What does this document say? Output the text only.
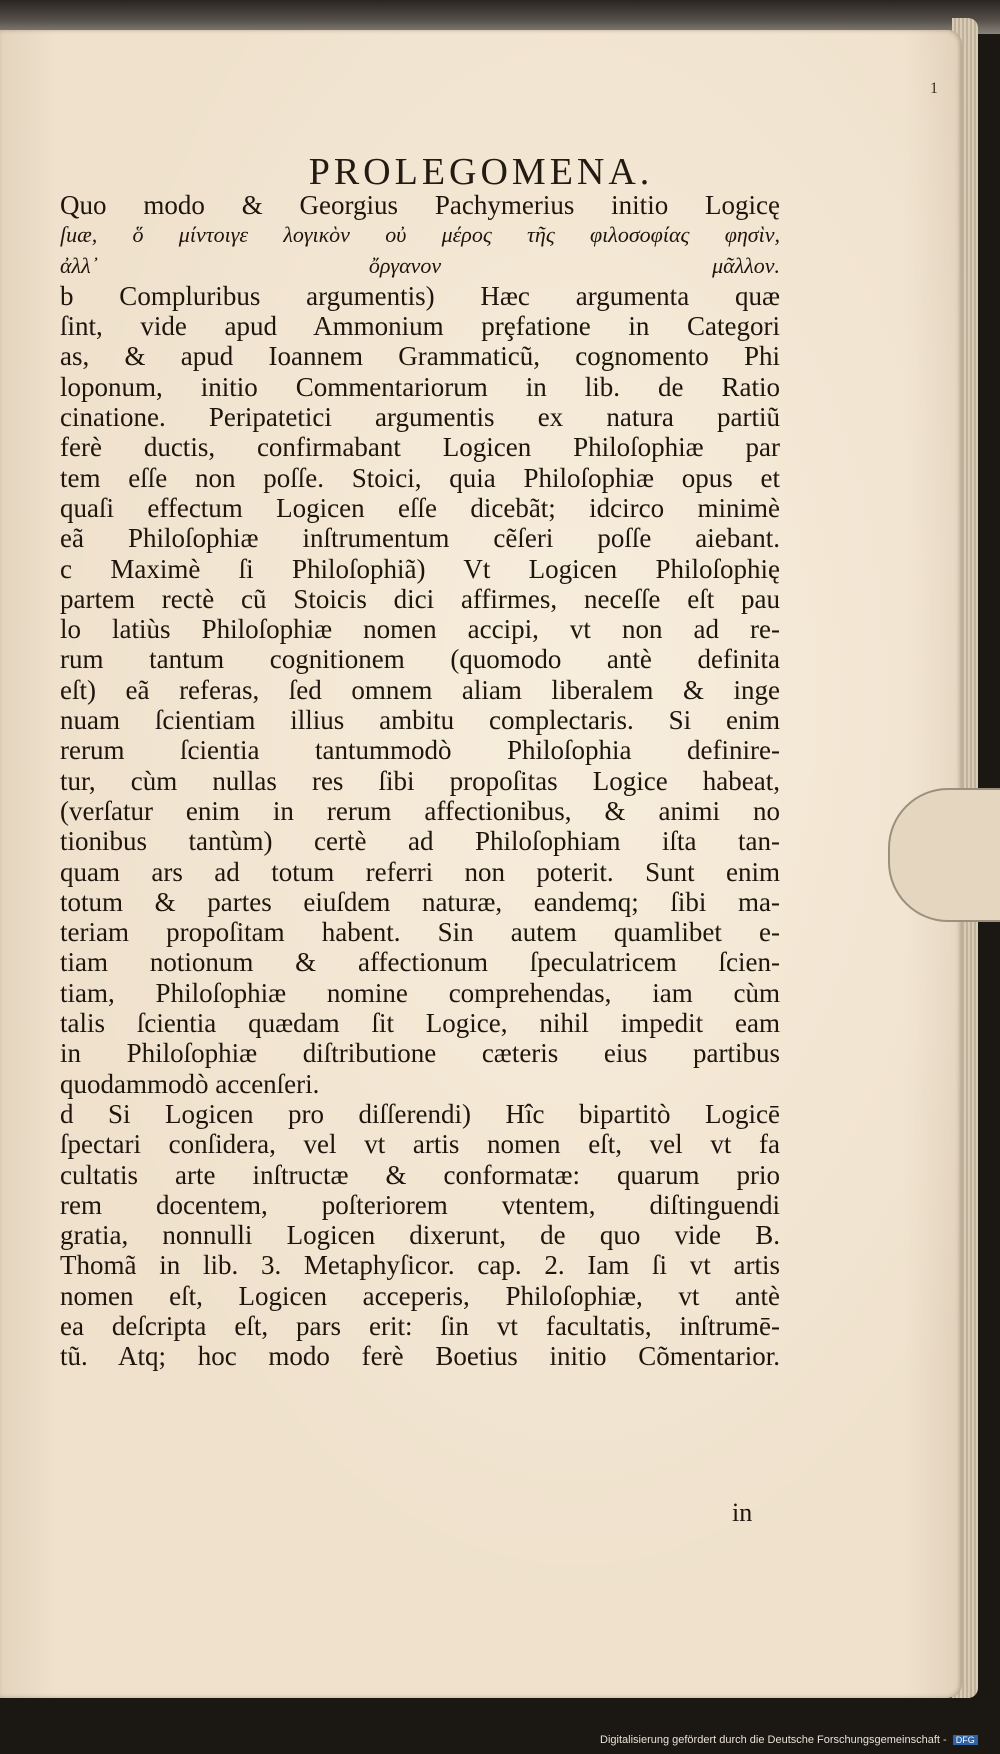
1
PROLEGOMENA.
Quo modo & Georgius Pachymerius initio Logicę
ſuæ, ὅ μίντοιγε λογικὸν οὐ μέρος τῆς φιλοσοφίας φησὶν,
ἀλλ᾽ ὄργανον μᾶλλον.
b Compluribus argumentis) Hæc argumenta quæ
ſint, vide apud Ammonium prȩfatione in Categori
as, & apud Ioannem Grammaticũ, cognomento Phi
loponum, initio Commentariorum in lib. de Ratio
cinatione. Peripatetici argumentis ex natura partiũ
ferè ductis, confirmabant Logicen Philoſophiæ par
tem eſſe non poſſe. Stoici, quia Philoſophiæ opus et
quaſi effectum Logicen eſſe dicebãt; idcirco minimè
eã Philoſophiæ inſtrumentum cẽſeri poſſe aiebant.
c Maximè ſi Philoſophiã) Vt Logicen Philoſophię
partem rectè cũ Stoicis dici affirmes, neceſſe eſt pau
lo latiùs Philoſophiæ nomen accipi, vt non ad re-
rum tantum cognitionem (quomodo antè definita
eſt) eã referas, ſed omnem aliam liberalem & inge
nuam ſcientiam illius ambitu complectaris. Si enim
rerum ſcientia tantummodò Philoſophia definire-
tur, cùm nullas res ſibi propoſitas Logice habeat,
(verſatur enim in rerum affectionibus, & animi no
tionibus tantùm) certè ad Philoſophiam iſta tan-
quam ars ad totum referri non poterit. Sunt enim
totum & partes eiuſdem naturæ, eandemq; ſibi ma-
teriam propoſitam habent. Sin autem quamlibet e-
tiam notionum & affectionum ſpeculatricem ſcien-
tiam, Philoſophiæ nomine comprehendas, iam cùm
talis ſcientia quædam ſit Logice, nihil impedit eam
in Philoſophiæ diſtributione cæteris eius partibus
quodammodò accenſeri.
d Si Logicen pro diſſerendi) Hîc bipartitò Logicē
ſpectari conſidera, vel vt artis nomen eſt, vel vt fa
cultatis arte inſtructæ & conformatæ: quarum prio
rem docentem, poſteriorem vtentem, diſtinguendi
gratia, nonnulli Logicen dixerunt, de quo vide B.
Thomã in lib. 3. Metaphyſicor. cap. 2. Iam ſi vt artis
nomen eſt, Logicen acceperis, Philoſophiæ, vt antè
ea deſcripta eſt, pars erit: ſin vt facultatis, inſtrumē-
tũ. Atq; hoc modo ferè Boetius initio Cõmentarior.
in
Digitalisierung gefördert durch die Deutsche Forschungsgemeinschaft - DFG
